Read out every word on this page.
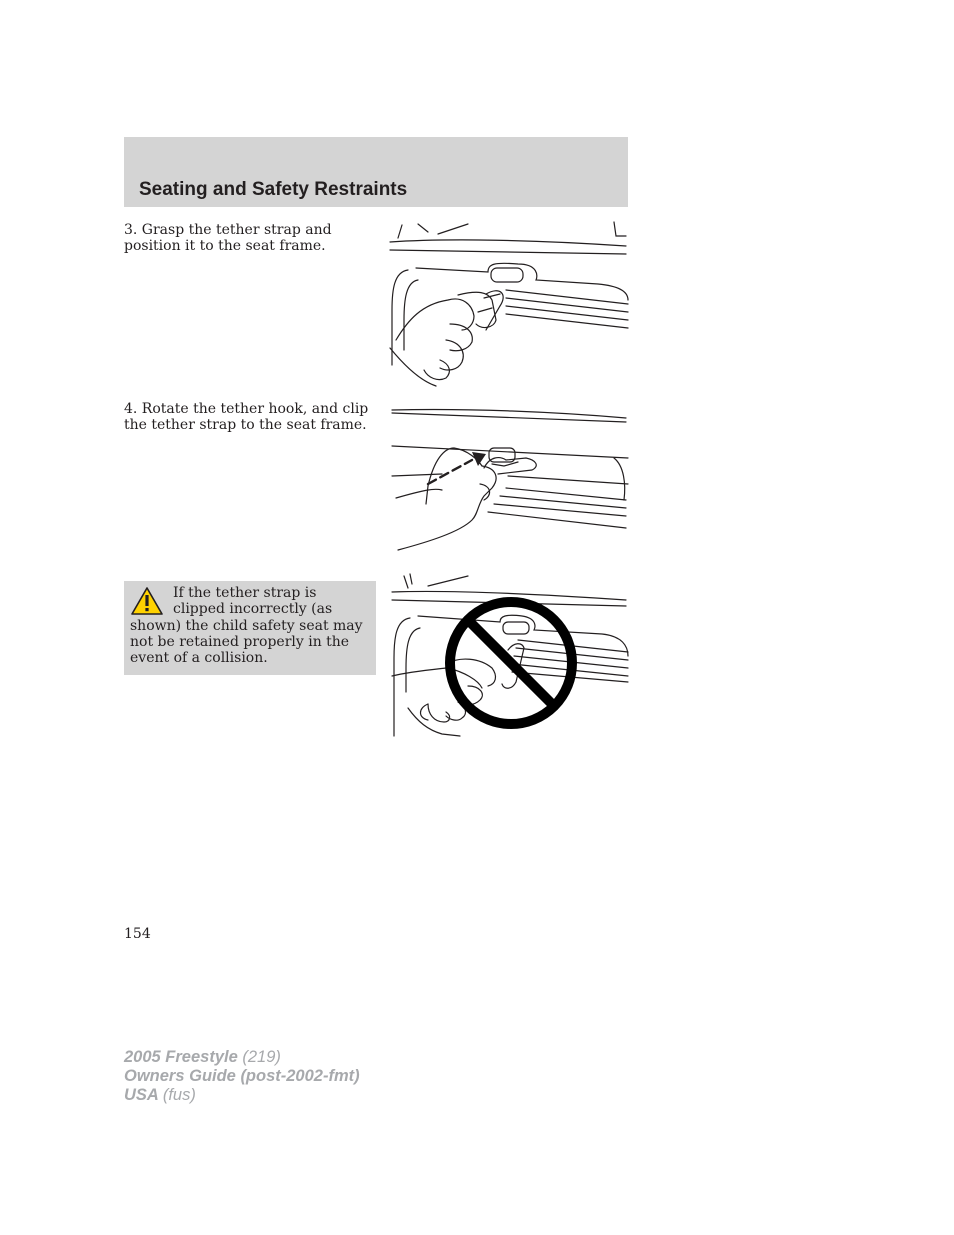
Seating and Safety Restraints

3. Grasp the tether strap and position it to the seat frame.

4. Rotate the tether hook, and clip the tether strap to the seat frame.

If the tether strap is clipped incorrectly (as shown) the child safety seat may not be retained properly in the event of a collision.

154

2005 Freestyle (219)
Owners Guide (post-2002-fmt)
USA (fus)
